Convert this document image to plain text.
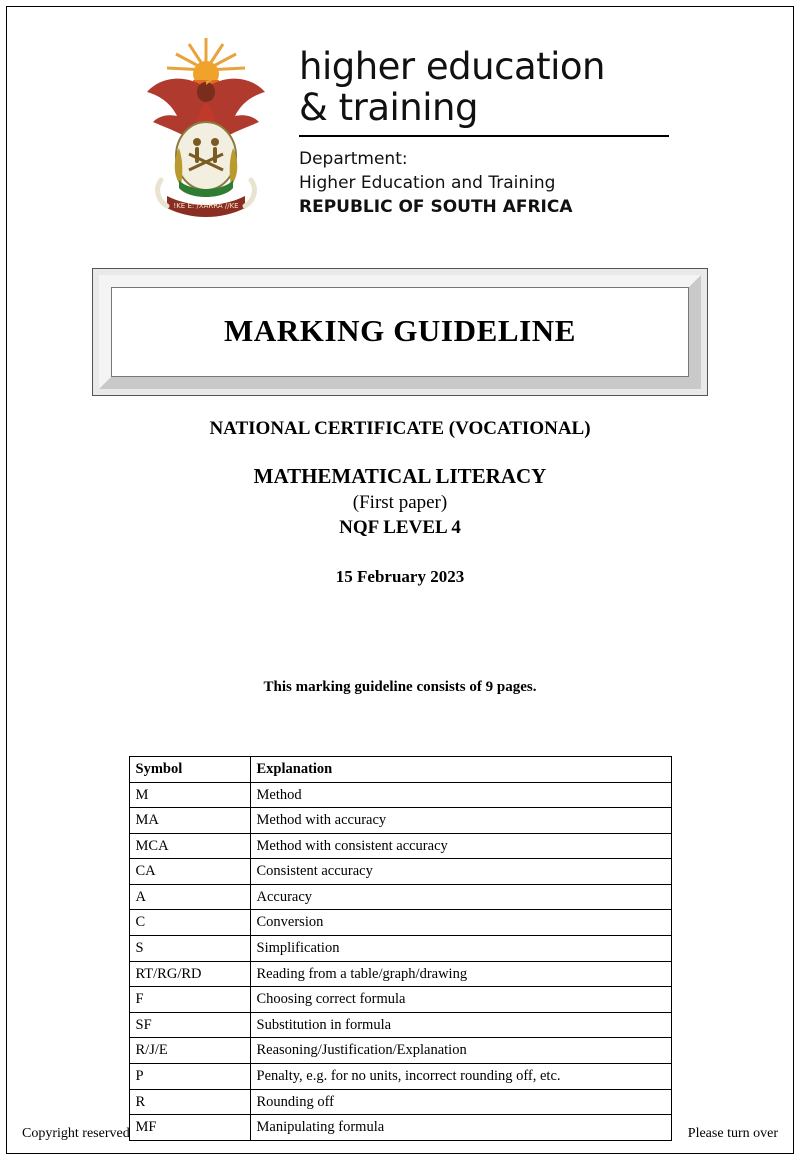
!KE E: /XARRA //KE
higher education
& training
Department:
Higher Education and Training
REPUBLIC OF SOUTH AFRICA
MARKING GUIDELINE
NATIONAL CERTIFICATE (VOCATIONAL)
MATHEMATICAL LITERACY
(First paper)
NQF LEVEL 4
15 February 2023
This marking guideline consists of 9 pages.
Symbol	Explanation
M	Method
MA	Method with accuracy
MCA	Method with consistent accuracy
CA	Consistent accuracy
A	Accuracy
C	Conversion
S	Simplification
RT/RG/RD	Reading from a table/graph/drawing
F	Choosing correct formula
SF	Substitution in formula
R/J/E	Reasoning/Justification/Explanation
P	Penalty, e.g. for no units, incorrect rounding off, etc.
R	Rounding off
MF	Manipulating formula
Copyright reserved	Please turn over
